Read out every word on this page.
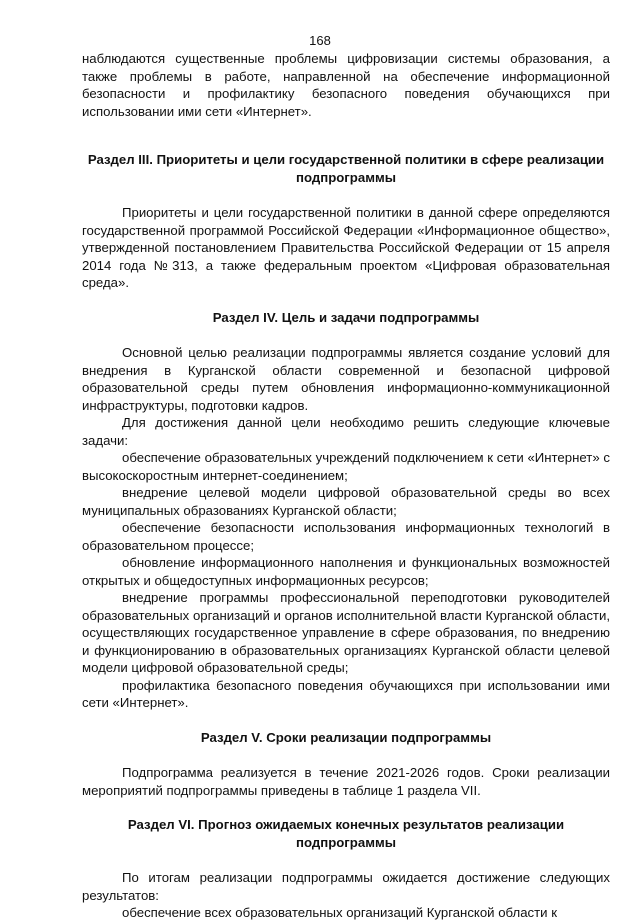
168

наблюдаются существенные проблемы цифровизации системы образования, а также проблемы в работе, направленной на обеспечение информационной безопасности и профилактику безопасного поведения обучающихся при использовании ими сети «Интернет».

Раздел III. Приоритеты и цели государственной политики в сфере реализации подпрограммы

Приоритеты и цели государственной политики в данной сфере определяются государственной программой Российской Федерации «Информационное общество», утвержденной постановлением Правительства Российской Федерации от 15 апреля 2014 года №313, а также федеральным проектом «Цифровая образовательная среда».

Раздел IV. Цель и задачи подпрограммы

Основной целью реализации подпрограммы является создание условий для внедрения в Курганской области современной и безопасной цифровой образовательной среды путем обновления информационно-коммуникационной инфраструктуры, подготовки кадров.

Для достижения данной цели необходимо решить следующие ключевые задачи:

обеспечение образовательных учреждений подключением к сети «Интернет» с высокоскоростным интернет-соединением;

внедрение целевой модели цифровой образовательной среды во всех муниципальных образованиях Курганской области;

обеспечение безопасности использования информационных технологий в образовательном процессе;

обновление информационного наполнения и функциональных возможностей открытых и общедоступных информационных ресурсов;

внедрение программы профессиональной переподготовки руководителей образовательных организаций и органов исполнительной власти Курганской области, осуществляющих государственное управление в сфере образования, по внедрению и функционированию в образовательных организациях Курганской области целевой модели цифровой образовательной среды;

профилактика безопасного поведения обучающихся при использовании ими сети «Интернет».

Раздел V. Сроки реализации подпрограммы

Подпрограмма реализуется в течение 2021-2026 годов. Сроки реализации мероприятий подпрограммы приведены в таблице 1 раздела VII.

Раздел VI. Прогноз ожидаемых конечных результатов реализации подпрограммы

По итогам реализации подпрограммы ожидается достижение следующих результатов:

обеспечение всех образовательных организаций Курганской области к
